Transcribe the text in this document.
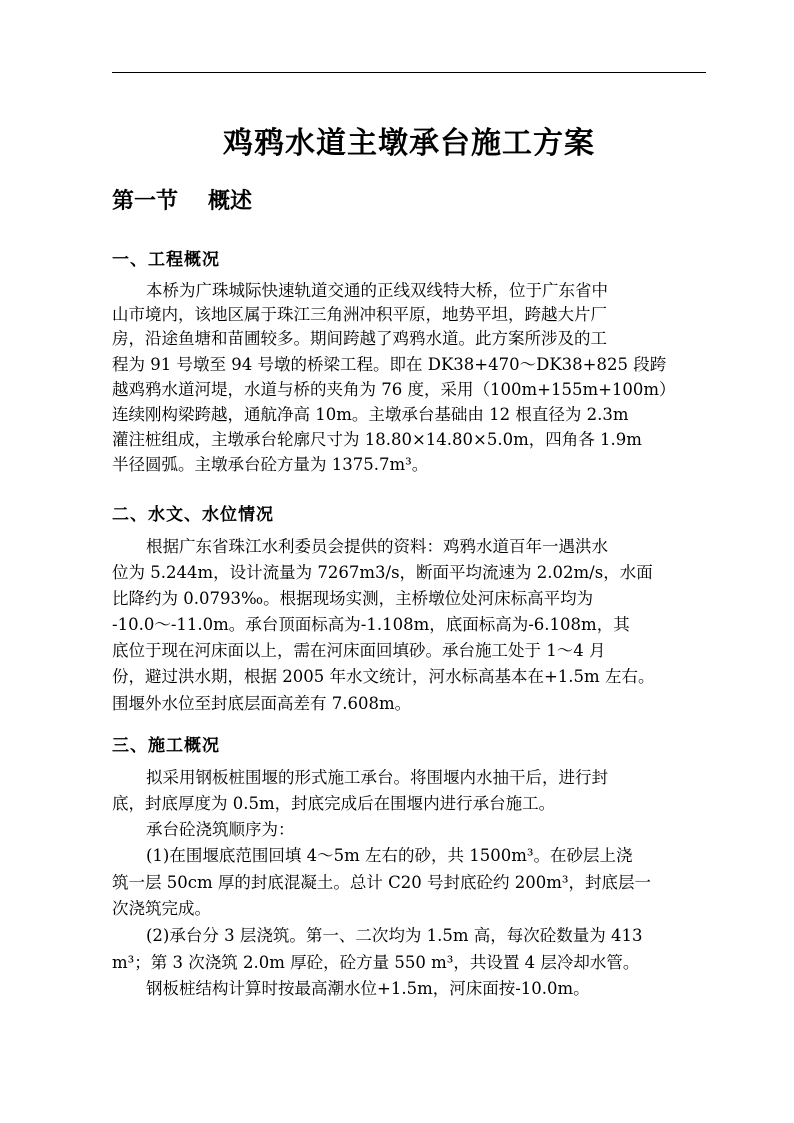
鸡鸦水道主墩承台施工方案
第一节 概述
一、工程概况
本桥为广珠城际快速轨道交通的正线双线特大桥，位于广东省中
山市境内，该地区属于珠江三角洲冲积平原，地势平坦，跨越大片厂
房，沿途鱼塘和苗圃较多。期间跨越了鸡鸦水道。此方案所涉及的工
程为 91 号墩至 94 号墩的桥梁工程。即在 DK38+470～DK38+825 段跨
越鸡鸦水道河堤，水道与桥的夹角为 76 度，采用（100m+155m+100m）
连续刚构梁跨越，通航净高 10m。主墩承台基础由 12 根直径为 2.3m
灌注桩组成，主墩承台轮廓尺寸为 18.80×14.80×5.0m，四角各 1.9m
半径圆弧。主墩承台砼方量为 1375.7m³。
二、水文、水位情况
根据广东省珠江水利委员会提供的资料：鸡鸦水道百年一遇洪水
位为 5.244m，设计流量为 7267m3/s，断面平均流速为 2.02m/s，水面
比降约为 0.0793‰。根据现场实测，主桥墩位处河床标高平均为
-10.0～-11.0m。承台顶面标高为-1.108m，底面标高为-6.108m，其
底位于现在河床面以上，需在河床面回填砂。承台施工处于 1～4 月
份，避过洪水期，根据 2005 年水文统计，河水标高基本在+1.5m 左右。
围堰外水位至封底层面高差有 7.608m。
三、施工概况
拟采用钢板桩围堰的形式施工承台。将围堰内水抽干后，进行封
底，封底厚度为 0.5m，封底完成后在围堰内进行承台施工。
承台砼浇筑顺序为：
(1)在围堰底范围回填 4～5m 左右的砂，共 1500m³。在砂层上浇
筑一层 50cm 厚的封底混凝土。总计 C20 号封底砼约 200m³，封底层一
次浇筑完成。
(2)承台分 3 层浇筑。第一、二次均为 1.5m 高，每次砼数量为 413
m³；第 3 次浇筑 2.0m 厚砼，砼方量 550 m³，共设置 4 层冷却水管。
钢板桩结构计算时按最高潮水位+1.5m，河床面按-10.0m。
